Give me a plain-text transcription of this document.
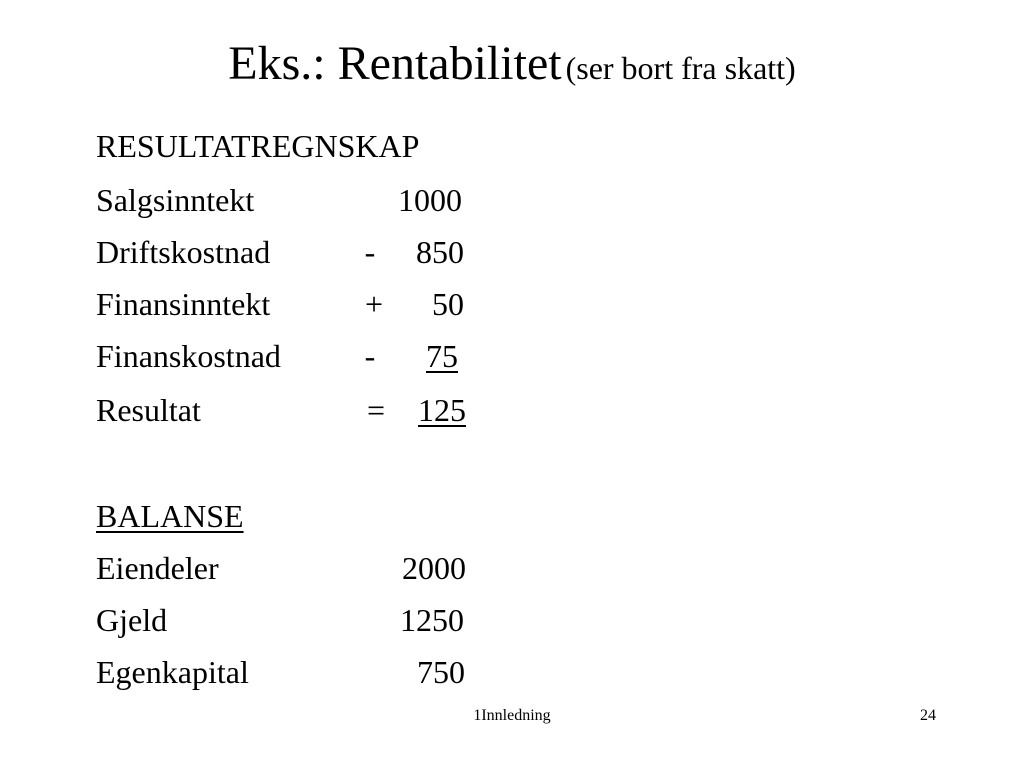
Eks.: Rentabilitet (ser bort fra skatt)
RESULTATREGNSKAP
Salgsinntekt	1000
Driftskostnad	-	850
Finansinntekt	+	50
Finanskostnad	-	75
Resultat	=	125
BALANSE
Eiendeler	2000
Gjeld	1250
Egenkapital	750
1Innledning	24
